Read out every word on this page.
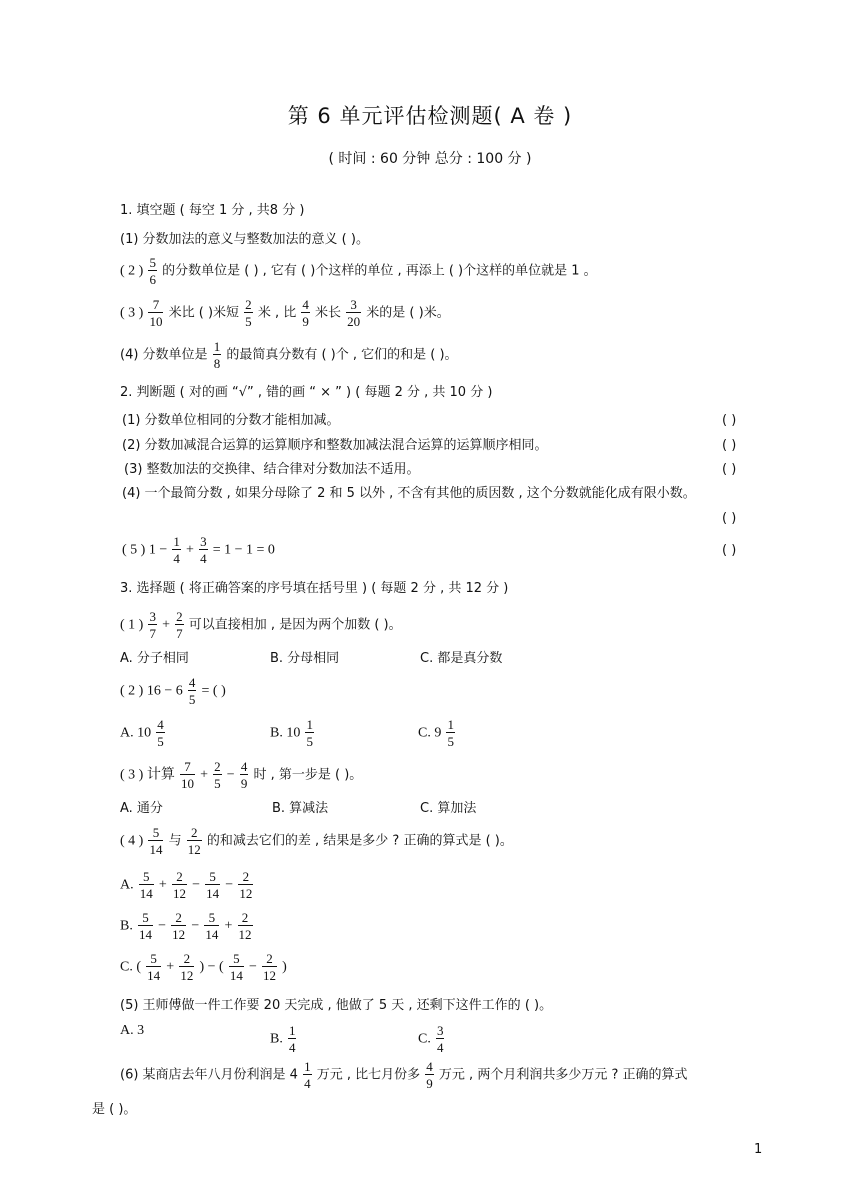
第 6 单元评估检测题( A 卷 )
( 时间 : 60 分钟 总分 : 100 分 )
1. 填空题 ( 每空 1 分 , 共8 分 )
(1) 分数加法的意义与整数加法的意义 ( )。
( 2 ) $\frac{5}{6}$ 的分数单位是 ( ) , 它有 ( )个这样的单位 , 再添上 ( )个这样的单位就是 1 。
( 3 ) $\frac{7}{10}$ 米比 ( )米短 $\frac{2}{5}$ 米 , 比 $\frac{4}{9}$ 米长 $\frac{3}{20}$ 米的是 ( )米。
(4) 分数单位是 $\frac{1}{8}$ 的最简真分数有 ( )个 , 它们的和是 ( )。
2. 判断题 ( 对的画 “√” , 错的画 “ × ” ) ( 每题 2 分 , 共 10 分 )
(1) 分数单位相同的分数才能相加减。	( )
(2) 分数加减混合运算的运算顺序和整数加减法混合运算的运算顺序相同。	( )
(3) 整数加法的交换律、结合律对分数加法不适用。	( )
(4) 一个最简分数 , 如果分母除了 2 和 5 以外 , 不含有其他的质因数 , 这个分数就能化成有限小数。
( )
( 5 ) $1 - \frac{1}{4} + \frac{3}{4} = 1 - 1 = 0$	( )
3. 选择题 ( 将正确答案的序号填在括号里 ) ( 每题 2 分 , 共 12 分 )
( 1 ) $\frac{3}{7} + \frac{2}{7}$ 可以直接相加 , 是因为两个加数 ( )。
A. 分子相同	B. 分母相同	C. 都是真分数
( 2 ) $16 - 6 \frac{4}{5}$ = ( )
A. $10 \frac{4}{5}$	B. $10 \frac{1}{5}$	C. $9 \frac{1}{5}$
( 3 ) 计算 $\frac{7}{10} + \frac{2}{5} - \frac{4}{9}$ 时 , 第一步是 ( )。
A. 通分	B. 算减法	C. 算加法
( 4 ) $\frac{5}{14}$ 与 $\frac{2}{12}$ 的和减去它们的差 , 结果是多少 ? 正确的算式是 ( )。
A. $\frac{5}{14} + \frac{2}{12} - \frac{5}{14} - \frac{2}{12}$
B. $\frac{5}{14} - \frac{2}{12} - \frac{5}{14} + \frac{2}{12}$
C. ( $\frac{5}{14} + \frac{2}{12}$ ) − ( $\frac{5}{14} - \frac{2}{12}$ )
(5) 王师傅做一件工作要 20 天完成 , 他做了 5 天 , 还剩下这件工作的 ( )。
A. 3
B. $\frac{1}{4}$	C. $\frac{3}{4}$
(6) 某商店去年八月份利润是 $4 \frac{1}{4}$ 万元 , 比七月份多 $\frac{4}{9}$ 万元 , 两个月利润共多少万元 ? 正确的算式
是 ( )。
1
